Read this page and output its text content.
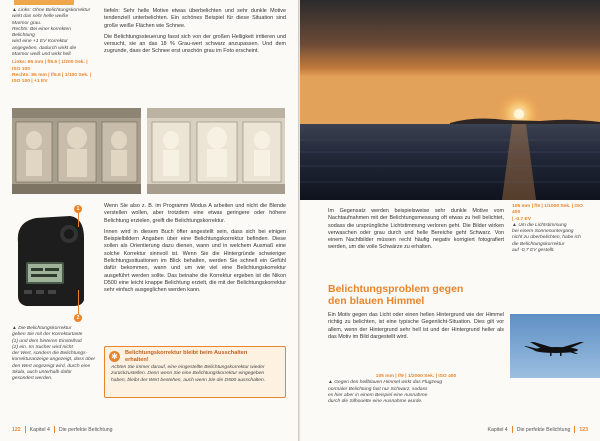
▲ Links: Ohne Belichtungskorrektur
wirkt das sehr helle weiße
Marmor grau.
Rechts: Bei einer korrekten Belichtung
wird eine +1 EV Korrektur
angegeben, dadurch wirkt die
Marmor weiß und wirkt hell.
Links: 85 mm | f/5.6 | 1/200 Sek. | ISO 100
Rechts: 85 mm | f/5.6 | 1/100 Sek. | ISO 100 | +1 EV

tiefeln: Sehr helle Motive etwas überbelichten und sehr dunkle Motive tendenziell unterbelichten. Ein schönes Beispiel für diese Situation sind große weiße Flächen wie Schnee.

Die Belichtungssteuerung fasst sich von der großen Helligkeit irritieren und versucht, sie an das 18 % Grau-wert schwarz anzupassen. Und dem zugrunde, dass der Schnee erst unschön grau im Foto erscheint.

1
2

Wenn Sie also z. B. im Programm Modus A arbeiten und nicht die Blende verstellen wollen, aber trotzdem eine etwas geringere oder höhere Belichtung erzielen, greift die Belichtungskorrektur.

Innen wird in diesem Buch öfter angestellt sein, dass sich bei einigen Beispielbildern Angaben über eine Belichtungskorrektur befinden. Diese sollen als Orientierung dazu dienen, wann und in welchem Ausmaß eine solche Korrektur sinnvoll ist. Wenn Sie die Hintergründe schwieriger Belichtungssituationen im Blick behalten, werden Sie schnell ein Gefühl dafür bekommen, wann und um wie viel eine Belichtungskorrektur ausgeführt werden sollte. Das beinahe die Korrektur ergeben ist die Nikon D500 eine leicht knappe Belichtung erzielt, die mit der Belichtungskorrektur sehr einfach ausgeglichen werden kann.

▲ Die Belichtungskorrektur
geben Sie mit der Korrekturtaste
(1) und dem hinteren Einstellrad
(2) ein. Im Sucher wird nicht
der Wert, sondern die Belichtungs-
korrekturanzeige angezeigt, dass über
den Wert angezeigt wird, durch eine
Skala, auch unterhalb dafür
gesondert werden.
✱	Belichtungskorrektur bleibt beim Ausschalten
erhalten!
Achten Sie immer darauf, eine eingestellte Belichtungskorrektur wieder
zurückzustellen. Denn wenn Sie eine Belichtungskorrektur eingegeben
haben, bleibt der Wert bestehen, auch wenn Sie die D500 ausschalten.
122 Kapitel 4 Die perfekte Belichtung

Im Gegensatz werden beispielsweise sehr dunkle Motive vom Nachtaufnahmen mit der Belichtungsmessung oft etwas zu hell belichtet, sodass die ursprüngliche Lichtstimmung verloren geht. Die Bilder wirken verwaschen oder grau durch und helle Bereiche geht Schwarz. Von einem Nachtbilder müssen recht häufig negativ korrigiert fotografiert werden, um die volle Schwärze zu erhalten.

105 mm | f/9 | 1/1000 Sek. | ISO 400
| -0.7 EV
▲ Um die Lichtstimmung
bei einem Sonnenuntergang
nicht zu überbelichten, habe ich
die Belichtungskorrektur
auf -0,7 EV gestellt.
Belichtungsproblem gegen
den blauen Himmel

Ein Motiv gegen das Licht oder einen hellen Hintergrund wie der Himmel richtig zu belichten, ist eine typische Gegenlicht-Situation. Dies gilt vor allem, wenn der Hintergrund sehr hell ist und der Hintergrund heller als das Motiv im Bild dargestellt wird.

105 mm | f/9 | 1/2000 Sek. | ISO 400
▲ Gegen den hellblauen Himmel wirkt das Flugzeug
normaler Belichtung fast nur Schwarz, sodass
es hier aber in einem Beispiel eine Ausnahme
durch die Silhouette eine Ausnahme wurde.
Kapitel 4 Die perfekte Belichtung 123
